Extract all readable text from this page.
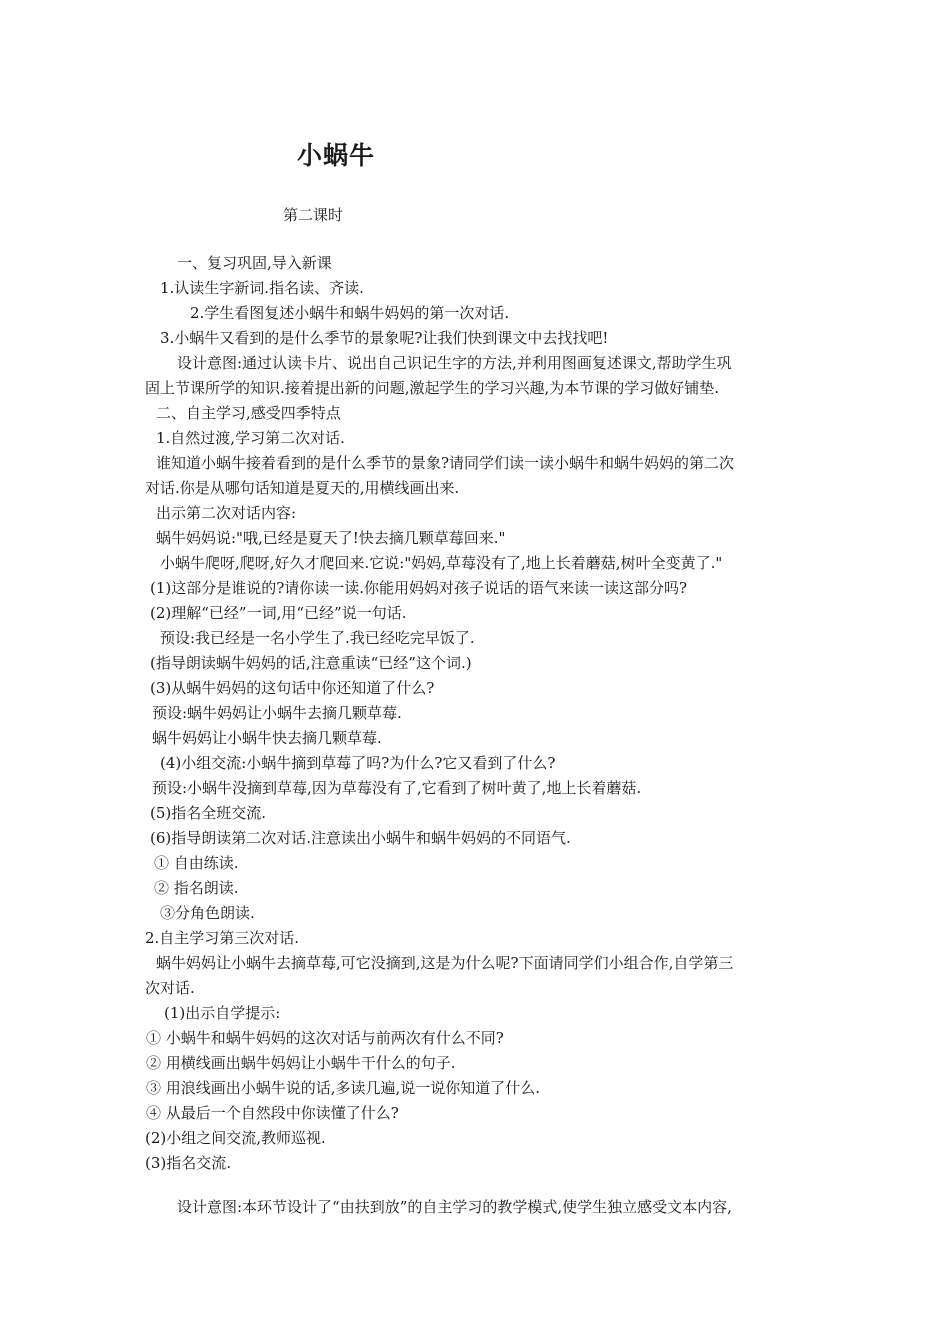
小蜗牛
第二课时
一、复习巩固,导入新课
1.认读生字新词.指名读、齐读.
2.学生看图复述小蜗牛和蜗牛妈妈的第一次对话.
3.小蜗牛又看到的是什么季节的景象呢?让我们快到课文中去找找吧!
设计意图:通过认读卡片、说出自己识记生字的方法,并利用图画复述课文,帮助学生巩
固上节课所学的知识.接着提出新的问题,激起学生的学习兴趣,为本节课的学习做好铺垫.
二、自主学习,感受四季特点
1.自然过渡,学习第二次对话.
谁知道小蜗牛接着看到的是什么季节的景象?请同学们读一读小蜗牛和蜗牛妈妈的第二次
对话.你是从哪句话知道是夏天的,用横线画出来.
出示第二次对话内容:
蜗牛妈妈说:"哦,已经是夏天了!快去摘几颗草莓回来."
小蜗牛爬呀,爬呀,好久才爬回来.它说:"妈妈,草莓没有了,地上长着蘑菇,树叶全变黄了."
(1)这部分是谁说的?请你读一读.你能用妈妈对孩子说话的语气来读一读这部分吗?
(2)理解“已经”一词,用“已经”说一句话.
预设:我已经是一名小学生了.我已经吃完早饭了.
(指导朗读蜗牛妈妈的话,注意重读“已经”这个词.)
(3)从蜗牛妈妈的这句话中你还知道了什么?
预设:蜗牛妈妈让小蜗牛去摘几颗草莓.
蜗牛妈妈让小蜗牛快去摘几颗草莓.
(4)小组交流:小蜗牛摘到草莓了吗?为什么?它又看到了什么?
预设:小蜗牛没摘到草莓,因为草莓没有了,它看到了树叶黄了,地上长着蘑菇.
(5)指名全班交流.
(6)指导朗读第二次对话.注意读出小蜗牛和蜗牛妈妈的不同语气.
① 自由练读.
② 指名朗读.
③分角色朗读.
2.自主学习第三次对话.
蜗牛妈妈让小蜗牛去摘草莓,可它没摘到,这是为什么呢?下面请同学们小组合作,自学第三
次对话.
(1)出示自学提示:
① 小蜗牛和蜗牛妈妈的这次对话与前两次有什么不同?
② 用横线画出蜗牛妈妈让小蜗牛干什么的句子.
③ 用浪线画出小蜗牛说的话,多读几遍,说一说你知道了什么.
④ 从最后一个自然段中你读懂了什么?
(2)小组之间交流,教师巡视.
(3)指名交流.
设计意图:本环节设计了“由扶到放”的自主学习的教学模式,使学生独立感受文本内容,
